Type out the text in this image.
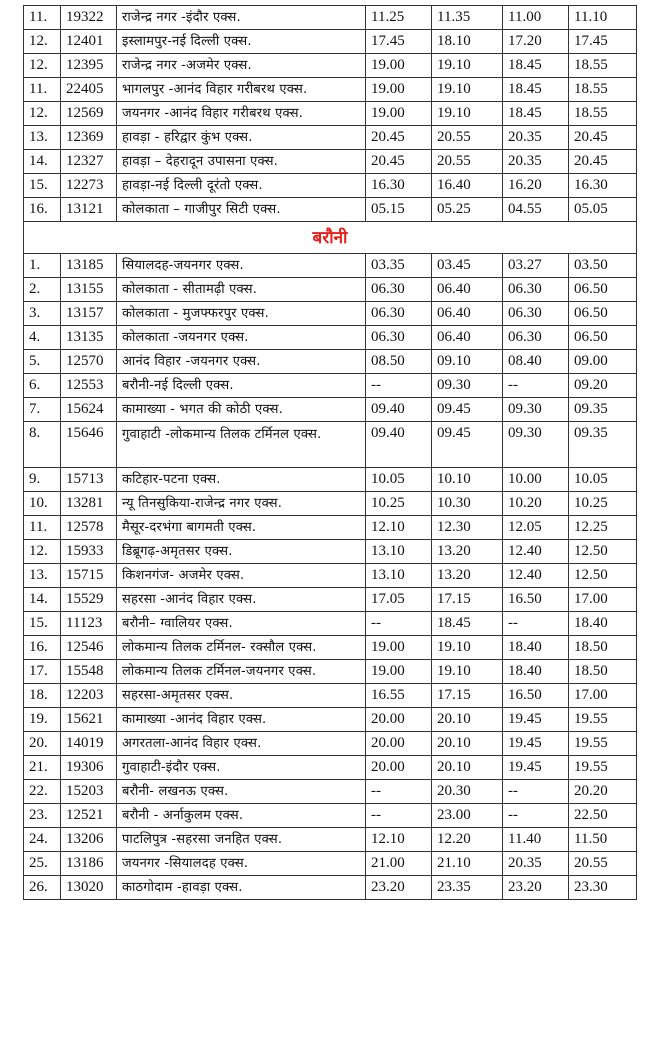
11.	19322	राजेन्द्र नगर -इंदौर एक्स.	11.25	11.35	11.00	11.10
12.	12401	इस्लामपुर-नई दिल्ली एक्स.	17.45	18.10	17.20	17.45
12.	12395	राजेन्द्र नगर -अजमेर एक्स.	19.00	19.10	18.45	18.55
11.	22405	भागलपुर -आनंद विहार गरीबरथ एक्स.	19.00	19.10	18.45	18.55
12.	12569	जयनगर -आनंद विहार गरीबरथ एक्स.	19.00	19.10	18.45	18.55
13.	12369	हावड़ा - हरिद्वार कुंभ एक्स.	20.45	20.55	20.35	20.45
14.	12327	हावड़ा – देहरादून उपासना एक्स.	20.45	20.55	20.35	20.45
15.	12273	हावड़ा-नई दिल्ली दूरंतो एक्स.	16.30	16.40	16.20	16.30
16.	13121	कोलकाता – गाजीपुर सिटी एक्स.	05.15	05.25	04.55	05.05
बरौनी						
1.	13185	सियालदह-जयनगर एक्स.	03.35	03.45	03.27	03.50
2.	13155	कोलकाता - सीतामढ़ी एक्स.	06.30	06.40	06.30	06.50
3.	13157	कोलकाता - मुजफ्फरपुर एक्स.	06.30	06.40	06.30	06.50
4.	13135	कोलकाता -जयनगर एक्स.	06.30	06.40	06.30	06.50
5.	12570	आनंद विहार -जयनगर एक्स.	08.50	09.10	08.40	09.00
6.	12553	बरौनी-नई दिल्ली एक्स.	--	09.30	--	09.20
7.	15624	कामाख्या - भगत की कोठी एक्स.	09.40	09.45	09.30	09.35
8.	15646	गुवाहाटी -लोकमान्य तिलक टर्मिनल एक्स.	09.40	09.45	09.30	09.35
9.	15713	कटिहार-पटना एक्स.	10.05	10.10	10.00	10.05
10.	13281	न्यू तिनसुकिया-राजेन्द्र नगर एक्स.	10.25	10.30	10.20	10.25
11.	12578	मैसूर-दरभंगा बागमती एक्स.	12.10	12.30	12.05	12.25
12.	15933	डिब्रूगढ़-अमृतसर एक्स.	13.10	13.20	12.40	12.50
13.	15715	किशनगंज- अजमेर एक्स.	13.10	13.20	12.40	12.50
14.	15529	सहरसा -आनंद विहार एक्स.	17.05	17.15	16.50	17.00
15.	11123	बरौनी– ग्वालियर एक्स.	--	18.45	--	18.40
16.	12546	लोकमान्य तिलक टर्मिनल- रक्सौल एक्स.	19.00	19.10	18.40	18.50
17.	15548	लोकमान्य तिलक टर्मिनल-जयनगर एक्स.	19.00	19.10	18.40	18.50
18.	12203	सहरसा-अमृतसर एक्स.	16.55	17.15	16.50	17.00
19.	15621	कामाख्या -आनंद विहार एक्स.	20.00	20.10	19.45	19.55
20.	14019	अगरतला-आनंद विहार एक्स.	20.00	20.10	19.45	19.55
21.	19306	गुवाहाटी-इंदौर एक्स.	20.00	20.10	19.45	19.55
22.	15203	बरौनी- लखनऊ एक्स.	--	20.30	--	20.20
23.	12521	बरौनी - अर्नाकुलम एक्स.	--	23.00	--	22.50
24.	13206	पाटलिपुत्र -सहरसा जनहित एक्स.	12.10	12.20	11.40	11.50
25.	13186	जयनगर -सियालदह एक्स.	21.00	21.10	20.35	20.55
26.	13020	काठगोदाम -हावड़ा एक्स.	23.20	23.35	23.20	23.30
